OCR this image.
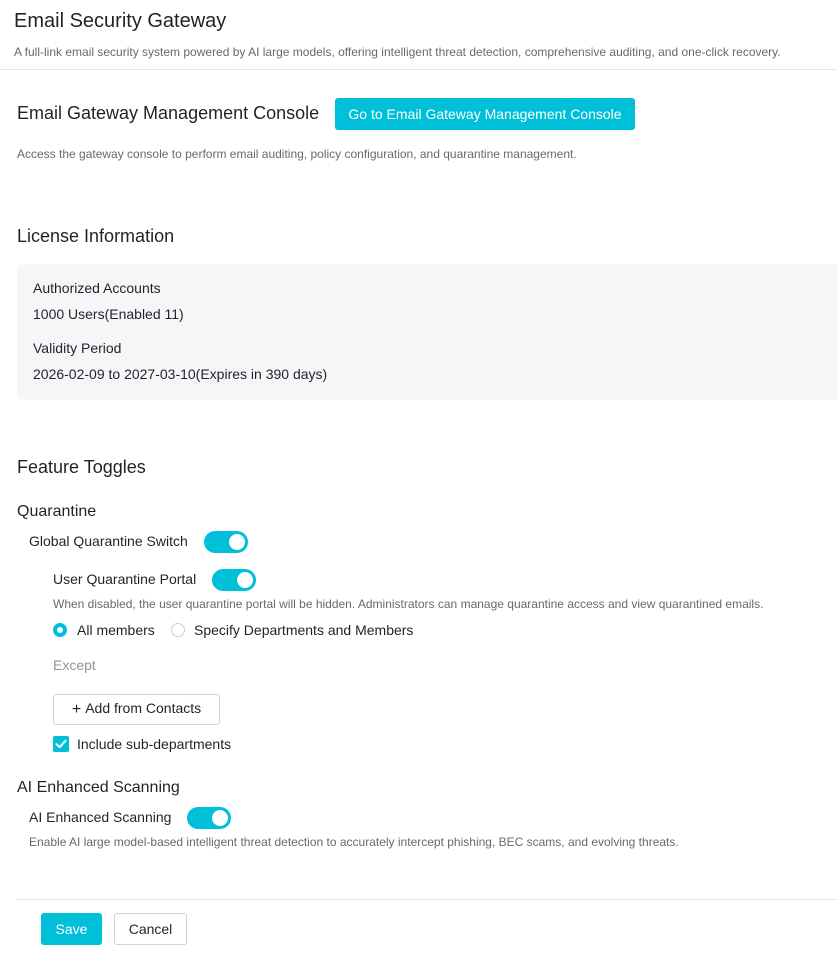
Email Security Gateway
A full-link email security system powered by AI large models, offering intelligent threat detection, comprehensive auditing, and one-click recovery.
Email Gateway Management Console	Go to Email Gateway Management Console
Access the gateway console to perform email auditing, policy configuration, and quarantine management.
License Information
Authorized Accounts
1000 Users(Enabled 11)
Validity Period
2026-02-09 to 2027-03-10(Expires in 390 days)
Feature Toggles
Quarantine
Global Quarantine Switch
User Quarantine Portal
When disabled, the user quarantine portal will be hidden. Administrators can manage quarantine access and view quarantined emails.
All members	Specify Departments and Members
Except
+ Add from Contacts
Include sub-departments
AI Enhanced Scanning
AI Enhanced Scanning
Enable AI large model-based intelligent threat detection to accurately intercept phishing, BEC scams, and evolving threats.
Save	Cancel
